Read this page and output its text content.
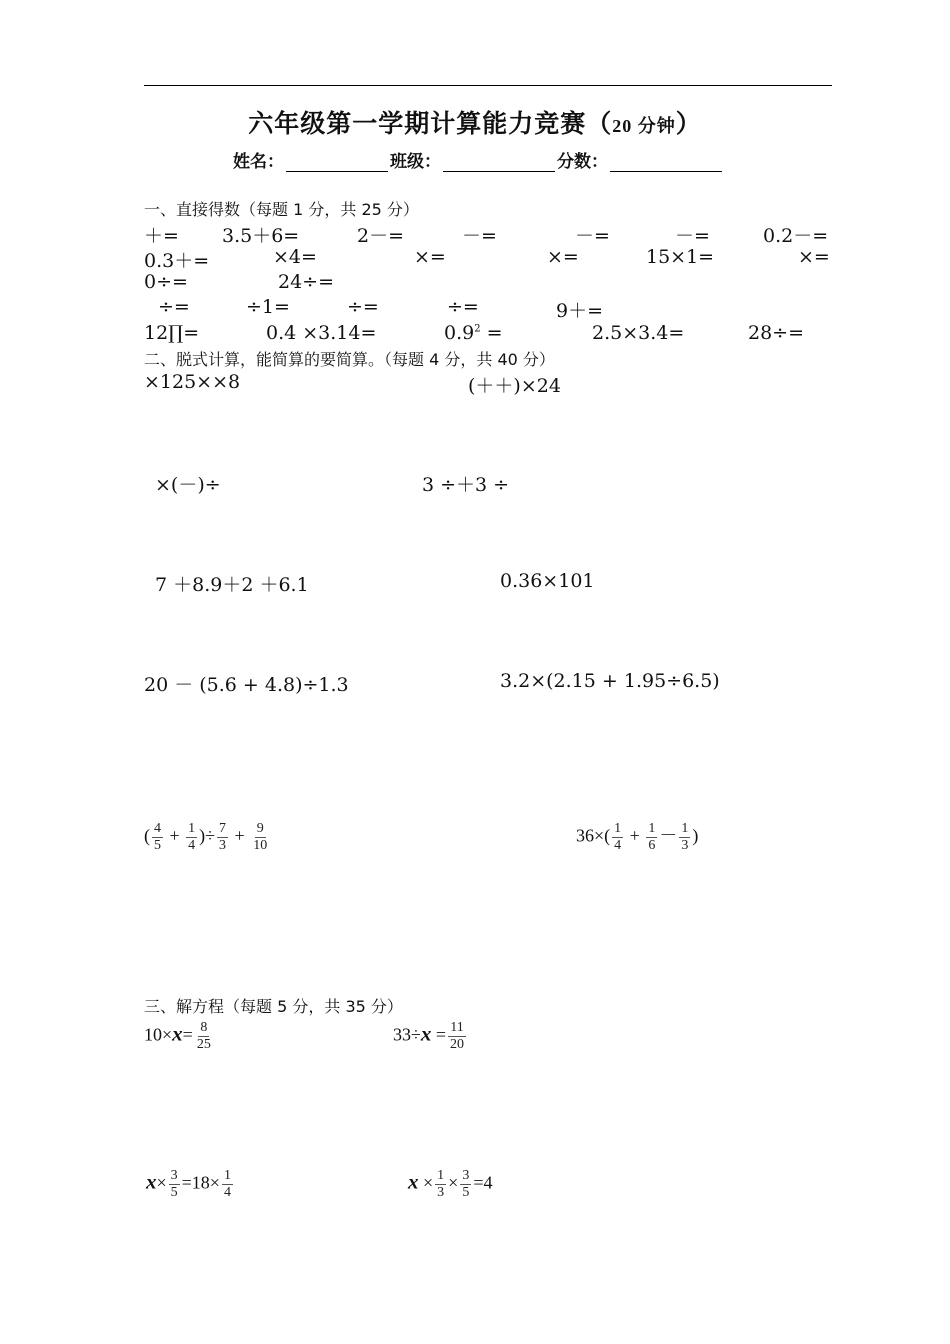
六年级第一学期计算能力竞赛（20 分钟）
姓名：	班级：	分数：
一、直接得数（每题 1 分，共 25 分）
＋= 3.5＋6=	2－=	－=	－=	－=	0.2－=
0.3＋=	×4=	×=	×=	15×1=	×=
0÷=	24÷=
÷=	÷1=	÷=	÷=	9＋=
12∏=	0.4 ×3.14=	$0.9^2$ =	2.5×3.4=	28÷=
二、脱式计算，能简算的要简算。（每题 4 分，共 40 分）
×125××8	(＋＋)×24
×(－)÷	3 ÷＋3 ÷
7 ＋8.9＋2 ＋6.1	0.36×101
20 － (5.6 + 4.8)÷1.3	3.2×(2.15 + 1.95÷6.5)
( $\frac{4}{5} + \frac{1}{4}$ )÷ $\frac{7}{3} + \frac{9}{10}$	$36\times( \frac{1}{4} + \frac{1}{6} - \frac{1}{3}$ )
三、解方程（每题 5 分，共 35 分）
$10\times x= \frac{8}{25}$	$33\div x = \frac{11}{20}$
$x\times \frac{3}{5} =18\times \frac{1}{4}$	$x \times \frac{1}{3} \times \frac{3}{5} =4$
